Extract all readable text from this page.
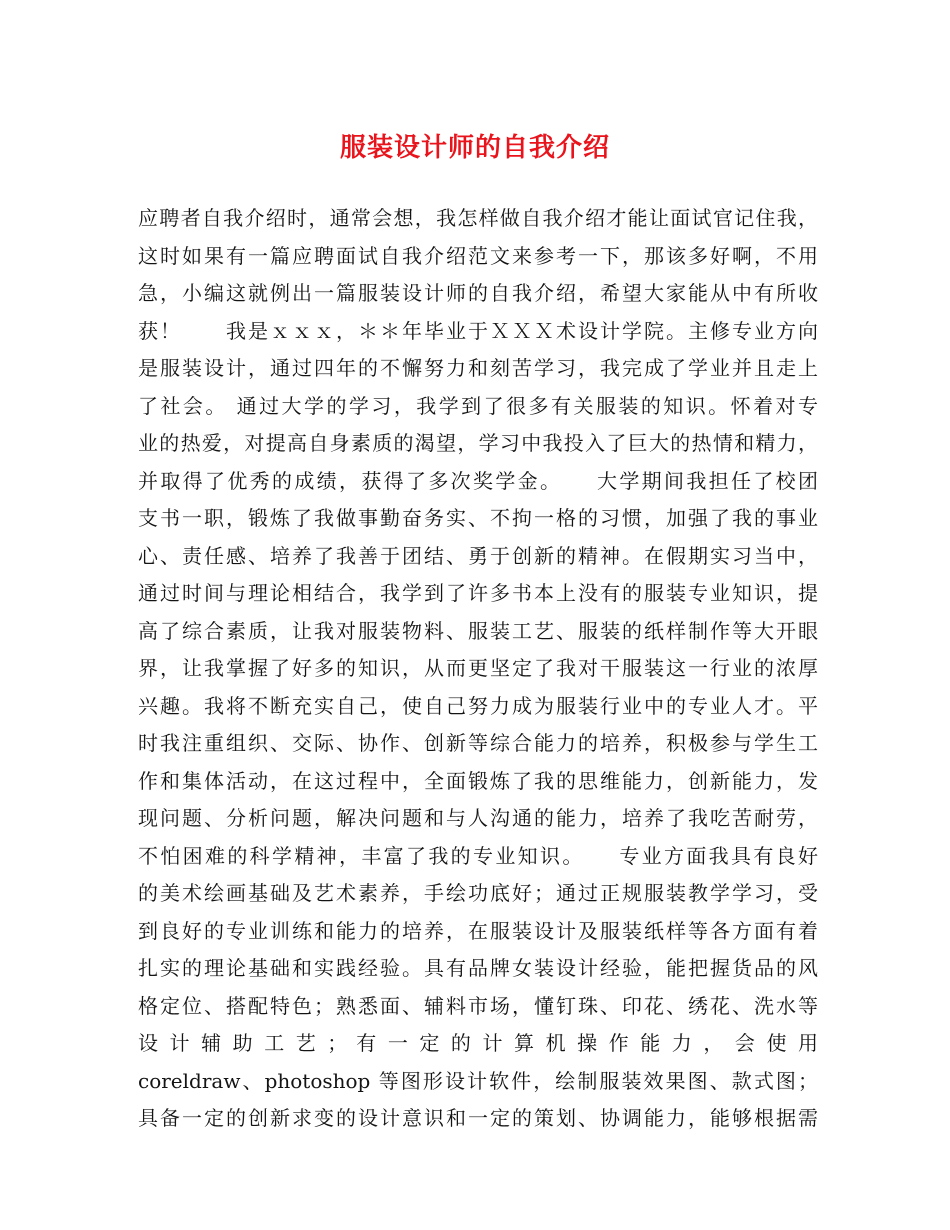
服装设计师的自我介绍
应聘者自我介绍时，通常会想，我怎样做自我介绍才能让面试官记住我，
这时如果有一篇应聘面试自我介绍范文来参考一下，那该多好啊，不用
急，小编这就例出一篇服装设计师的自我介绍，希望大家能从中有所收
获！　　我是ｘｘｘ，＊＊年毕业于ＸＸＸ术设计学院。主修专业方向
是服装设计，通过四年的不懈努力和刻苦学习，我完成了学业并且走上
了社会。 通过大学的学习，我学到了很多有关服装的知识。怀着对专
业的热爱，对提高自身素质的渴望，学习中我投入了巨大的热情和精力，
并取得了优秀的成绩，获得了多次奖学金。　　大学期间我担任了校团
支书一职，锻炼了我做事勤奋务实、不拘一格的习惯，加强了我的事业
心、责任感、培养了我善于团结、勇于创新的精神。在假期实习当中，
通过时间与理论相结合，我学到了许多书本上没有的服装专业知识，提
高了综合素质，让我对服装物料、服装工艺、服装的纸样制作等大开眼
界，让我掌握了好多的知识，从而更坚定了我对干服装这一行业的浓厚
兴趣。我将不断充实自己，使自己努力成为服装行业中的专业人才。平
时我注重组织、交际、协作、创新等综合能力的培养，积极参与学生工
作和集体活动，在这过程中，全面锻炼了我的思维能力，创新能力，发
现问题、分析问题，解决问题和与人沟通的能力，培养了我吃苦耐劳，
不怕困难的科学精神，丰富了我的专业知识。　　专业方面我具有良好
的美术绘画基础及艺术素养，手绘功底好；通过正规服装教学学习，受
到良好的专业训练和能力的培养，在服装设计及服装纸样等各方面有着
扎实的理论基础和实践经验。具有品牌女装设计经验，能把握货品的风
格定位、搭配特色；熟悉面、辅料市场，懂钉珠、印花、绣花、洗水等
设 计 辅 助 工 艺 ； 有 一 定 的 计 算 机 操 作 能 力 ， 会 使 用
coreldraw、photoshop 等图形设计软件，绘制服装效果图、款式图；
具备一定的创新求变的设计意识和一定的策划、协调能力，能够根据需
